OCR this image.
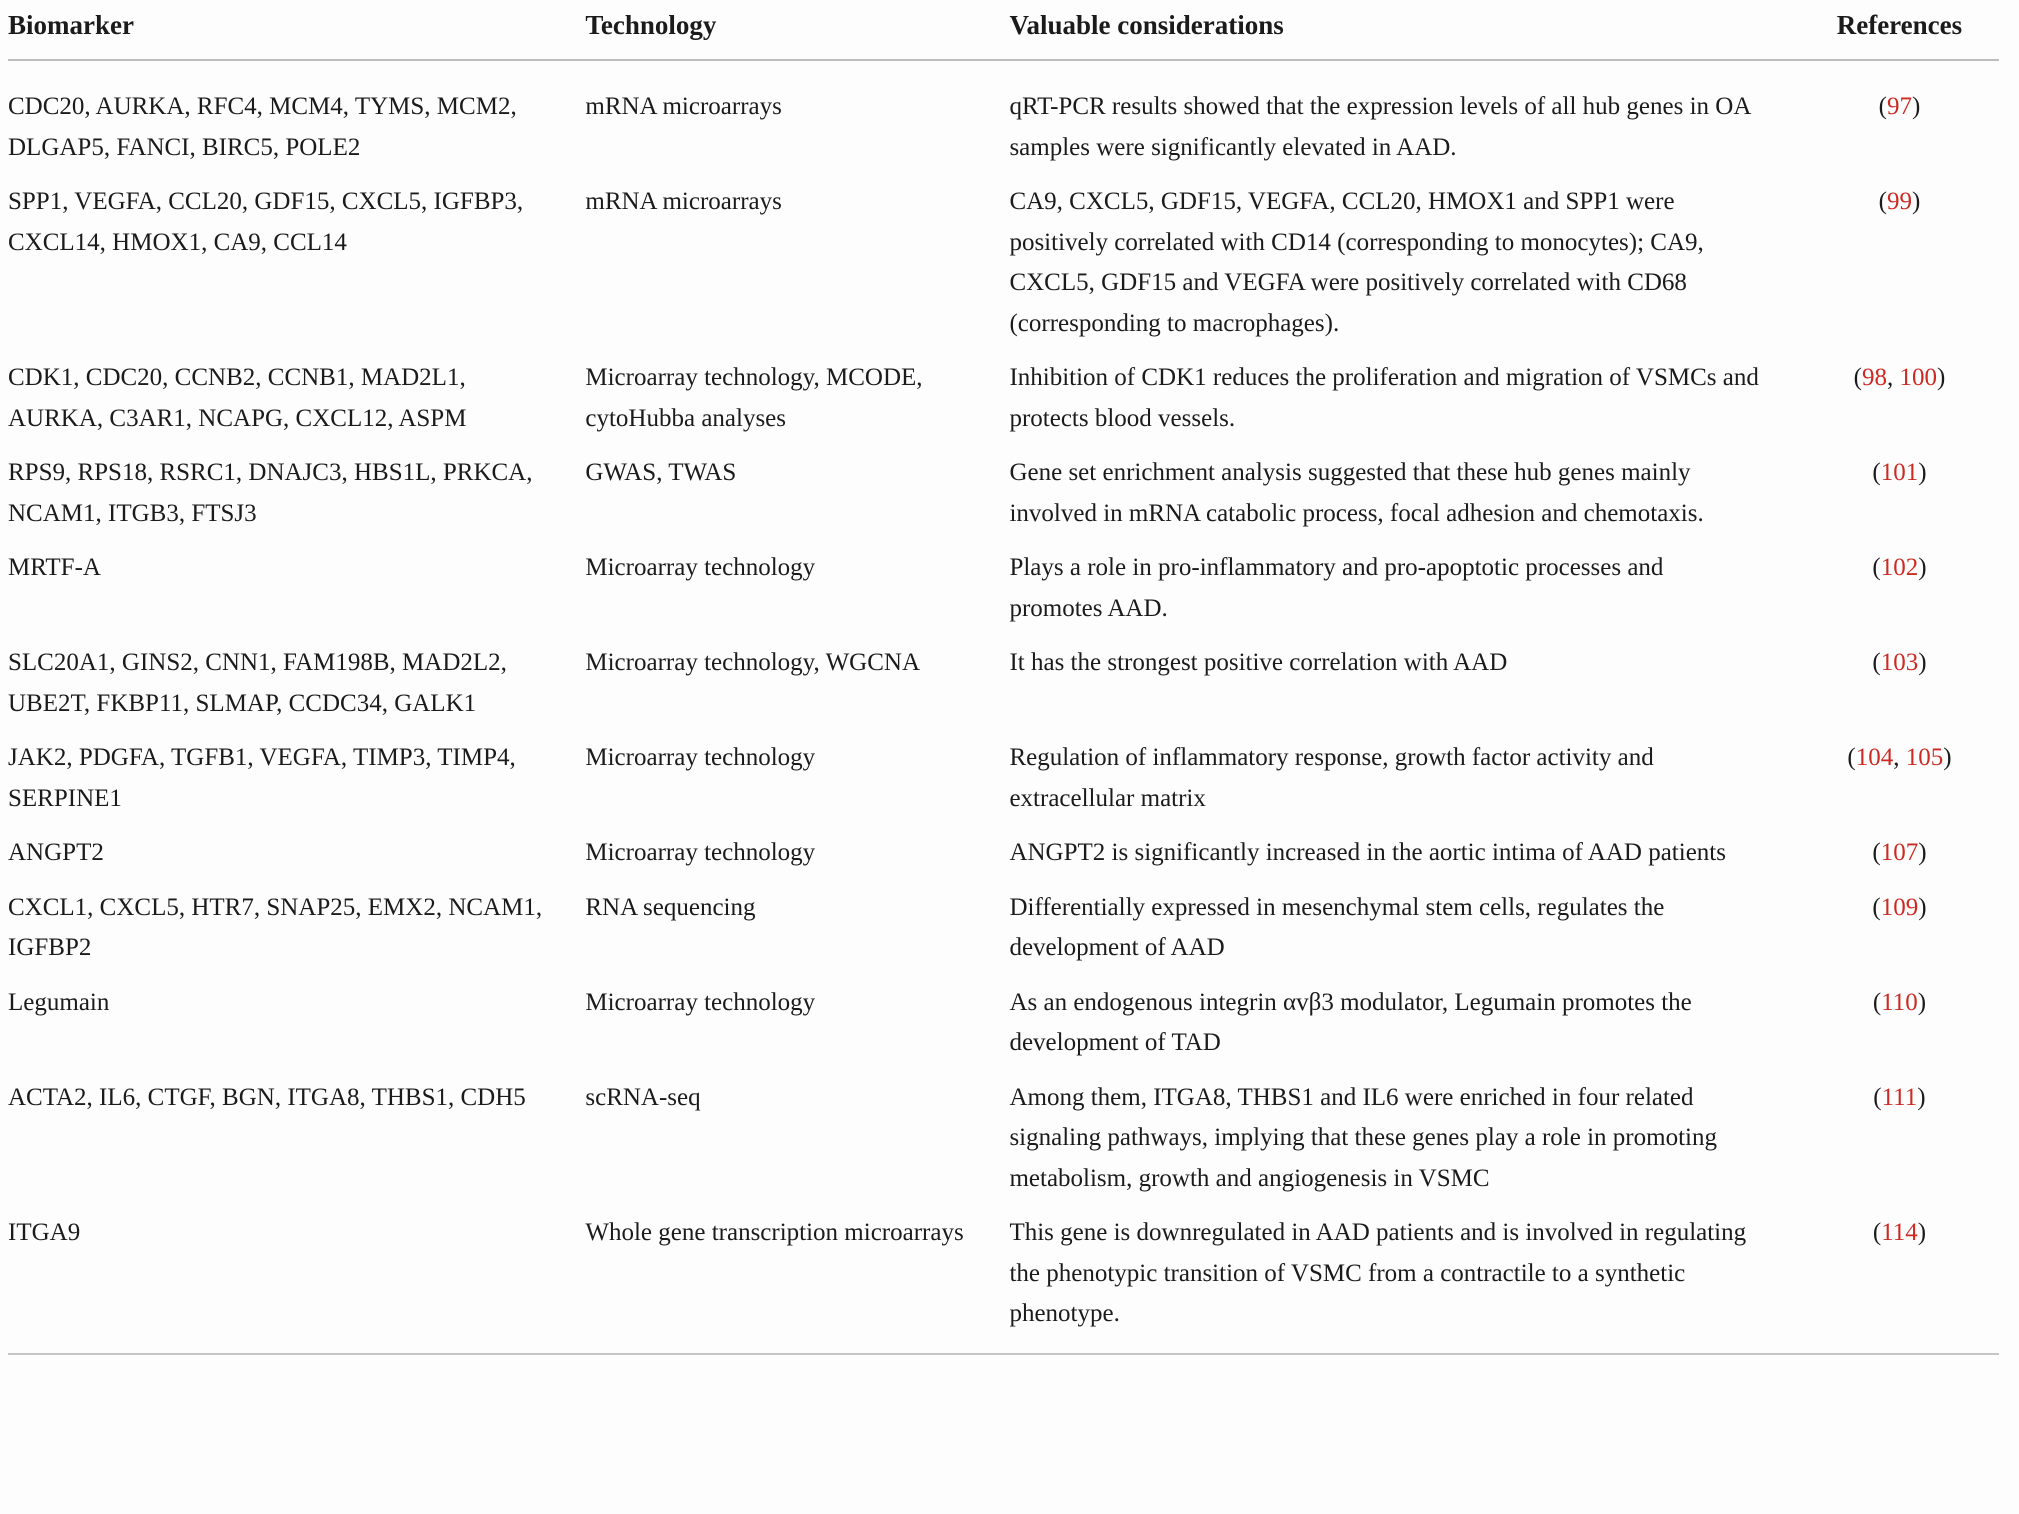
Biomarker	Technology	Valuable considerations	References
CDC20, AURKA, RFC4, MCM4, TYMS, MCM2, DLGAP5, FANCI, BIRC5, POLE2	mRNA microarrays	qRT-PCR results showed that the expression levels of all hub genes in OA samples were significantly elevated in AAD.	(97)
SPP1, VEGFA, CCL20, GDF15, CXCL5, IGFBP3, CXCL14, HMOX1, CA9, CCL14	mRNA microarrays	CA9, CXCL5, GDF15, VEGFA, CCL20, HMOX1 and SPP1 were positively correlated with CD14 (corresponding to monocytes); CA9, CXCL5, GDF15 and VEGFA were positively correlated with CD68 (corresponding to macrophages).	(99)
CDK1, CDC20, CCNB2, CCNB1, MAD2L1, AURKA, C3AR1, NCAPG, CXCL12, ASPM	Microarray technology, MCODE, cytoHubba analyses	Inhibition of CDK1 reduces the proliferation and migration of VSMCs and protects blood vessels.	(98, 100)
RPS9, RPS18, RSRC1, DNAJC3, HBS1L, PRKCA, NCAM1, ITGB3, FTSJ3	GWAS, TWAS	Gene set enrichment analysis suggested that these hub genes mainly involved in mRNA catabolic process, focal adhesion and chemotaxis.	(101)
MRTF-A	Microarray technology	Plays a role in pro-inflammatory and pro-apoptotic processes and promotes AAD.	(102)
SLC20A1, GINS2, CNN1, FAM198B, MAD2L2, UBE2T, FKBP11, SLMAP, CCDC34, GALK1	Microarray technology, WGCNA	It has the strongest positive correlation with AAD	(103)
JAK2, PDGFA, TGFB1, VEGFA, TIMP3, TIMP4, SERPINE1	Microarray technology	Regulation of inflammatory response, growth factor activity and extracellular matrix	(104, 105)
ANGPT2	Microarray technology	ANGPT2 is significantly increased in the aortic intima of AAD patients	(107)
CXCL1, CXCL5, HTR7, SNAP25, EMX2, NCAM1, IGFBP2	RNA sequencing	Differentially expressed in mesenchymal stem cells, regulates the development of AAD	(109)
Legumain	Microarray technology	As an endogenous integrin αvβ3 modulator, Legumain promotes the development of TAD	(110)
ACTA2, IL6, CTGF, BGN, ITGA8, THBS1, CDH5	scRNA-seq	Among them, ITGA8, THBS1 and IL6 were enriched in four related signaling pathways, implying that these genes play a role in promoting metabolism, growth and angiogenesis in VSMC	(111)
ITGA9	Whole gene transcription microarrays	This gene is downregulated in AAD patients and is involved in regulating the phenotypic transition of VSMC from a contractile to a synthetic phenotype.	(114)
